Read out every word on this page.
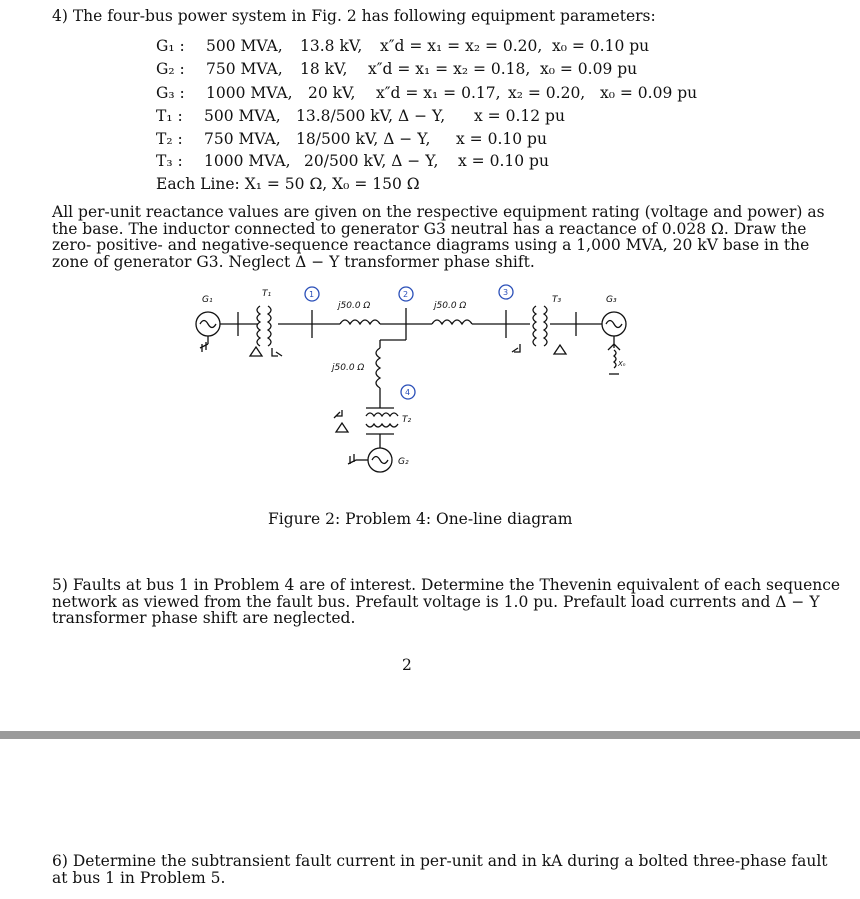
4) The four-bus power system in Fig. 2 has following equipment parameters:
G₁ : 500 MVA, 13.8 kV, x″d = x₁ = x₂ = 0.20, x₀ = 0.10 pu
G₂ : 750 MVA, 18 kV, x″d = x₁ = x₂ = 0.18, x₀ = 0.09 pu
G₃ : 1000 MVA, 20 kV, x″d = x₁ = 0.17, x₂ = 0.20, x₀ = 0.09 pu
T₁ : 500 MVA, 13.8/500 kV, Δ − Y, x = 0.12 pu
T₂ : 750 MVA, 18/500 kV, Δ − Y, x = 0.10 pu
T₃ : 1000 MVA, 20/500 kV, Δ − Y, x = 0.10 pu
Each Line: X₁ = 50 Ω, X₀ = 150 Ω
All per-unit reactance values are given on the respective equipment rating (voltage and power) as
the base. The inductor connected to generator G3 neutral has a reactance of 0.028 Ω. Draw the
zero- positive- and negative-sequence reactance diagrams using a 1,000 MVA, 20 kV base in the
zone of generator G3. Neglect Δ − Y transformer phase shift.
G₁
T₁	1
j50.0 Ω
2
j50.0 Ω
3
T₃	G₃
Xₙ
j50.0 Ω
4
T₂
G₂
Figure 2: Problem 4: One-line diagram
5) Faults at bus 1 in Problem 4 are of interest. Determine the Thevenin equivalent of each sequence
network as viewed from the fault bus. Prefault voltage is 1.0 pu. Prefault load currents and Δ − Y
transformer phase shift are neglected.
2
6) Determine the subtransient fault current in per-unit and in kA during a bolted three-phase fault
at bus 1 in Problem 5.
